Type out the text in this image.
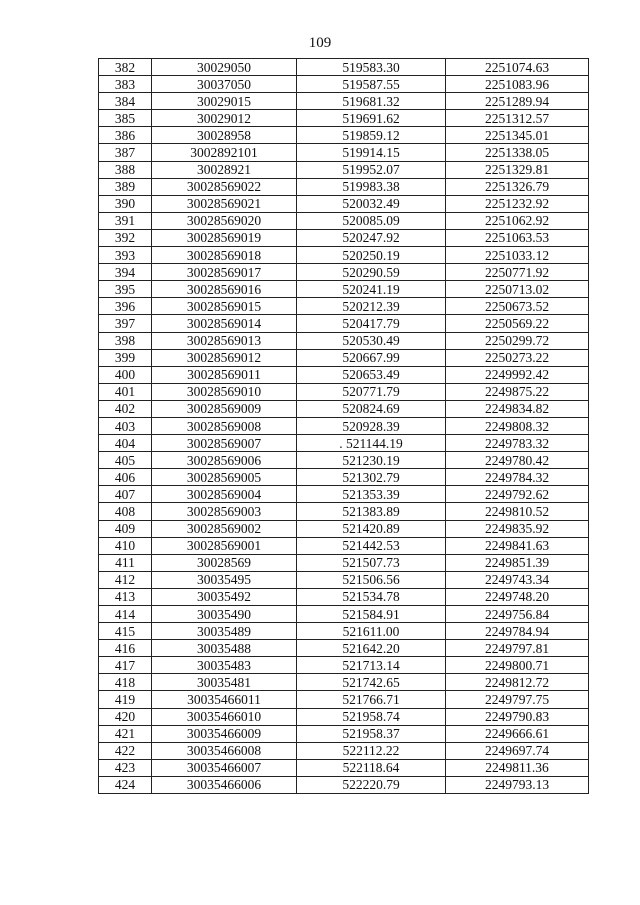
109
382	30029050	519583.30	2251074.63
383	30037050	519587.55	2251083.96
384	30029015	519681.32	2251289.94
385	30029012	519691.62	2251312.57
386	30028958	519859.12	2251345.01
387	3002892101	519914.15	2251338.05
388	30028921	519952.07	2251329.81
389	30028569022	519983.38	2251326.79
390	30028569021	520032.49	2251232.92
391	30028569020	520085.09	2251062.92
392	30028569019	520247.92	2251063.53
393	30028569018	520250.19	2251033.12
394	30028569017	520290.59	2250771.92
395	30028569016	520241.19	2250713.02
396	30028569015	520212.39	2250673.52
397	30028569014	520417.79	2250569.22
398	30028569013	520530.49	2250299.72
399	30028569012	520667.99	2250273.22
400	30028569011	520653.49	2249992.42
401	30028569010	520771.79	2249875.22
402	30028569009	520824.69	2249834.82
403	30028569008	520928.39	2249808.32
404	30028569007	. 521144.19	2249783.32
405	30028569006	521230.19	2249780.42
406	30028569005	521302.79	2249784.32
407	30028569004	521353.39	2249792.62
408	30028569003	521383.89	2249810.52
409	30028569002	521420.89	2249835.92
410	30028569001	521442.53	2249841.63
411	30028569	521507.73	2249851.39
412	30035495	521506.56	2249743.34
413	30035492	521534.78	2249748.20
414	30035490	521584.91	2249756.84
415	30035489	521611.00	2249784.94
416	30035488	521642.20	2249797.81
417	30035483	521713.14	2249800.71
418	30035481	521742.65	2249812.72
419	30035466011	521766.71	2249797.75
420	30035466010	521958.74	2249790.83
421	30035466009	521958.37	2249666.61
422	30035466008	522112.22	2249697.74
423	30035466007	522118.64	2249811.36
424	30035466006	522220.79	2249793.13
